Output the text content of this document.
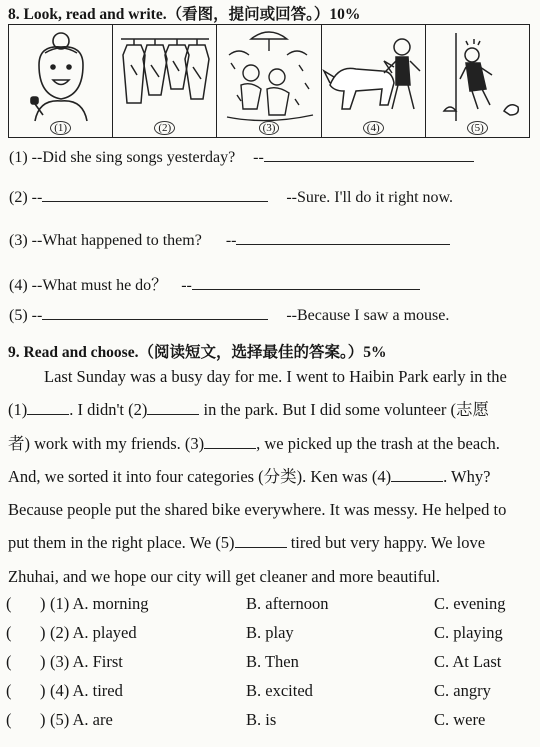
8. Look, read and write.（看图，提问或回答。）10%
(1)	(2)	(3)	(4)	(5)
(1) --Did she sing songs yesterday? --
(2) --	--Sure. I'll do it right now.
(3) --What happened to them? --
(4) --What must he do？ --
(5) --	--Because I saw a mouse.
9. Read and choose.（阅读短文，选择最佳的答案。）5%
Last Sunday was a busy day for me. I went to Haibin Park early in the
(1)	. I didn't (2)	in the park. But I did some volunteer (志愿
者) work with my friends. (3)	, we picked up the trash at the beach.
And, we sorted it into four categories (分类). Ken was (4)	. Why?
Because people put the shared bike everywhere. It was messy. He helped to
put them in the right place. We (5)	tired but very happy. We love
Zhuhai, and we hope our city will get cleaner and more beautiful.
( ) (1) A. morning	B. afternoon	C. evening
( ) (2) A. played	B. play	C. playing
( ) (3) A. First	B. Then	C. At Last
( ) (4) A. tired	B. excited	C. angry
( ) (5) A. are	B. is	C. were
